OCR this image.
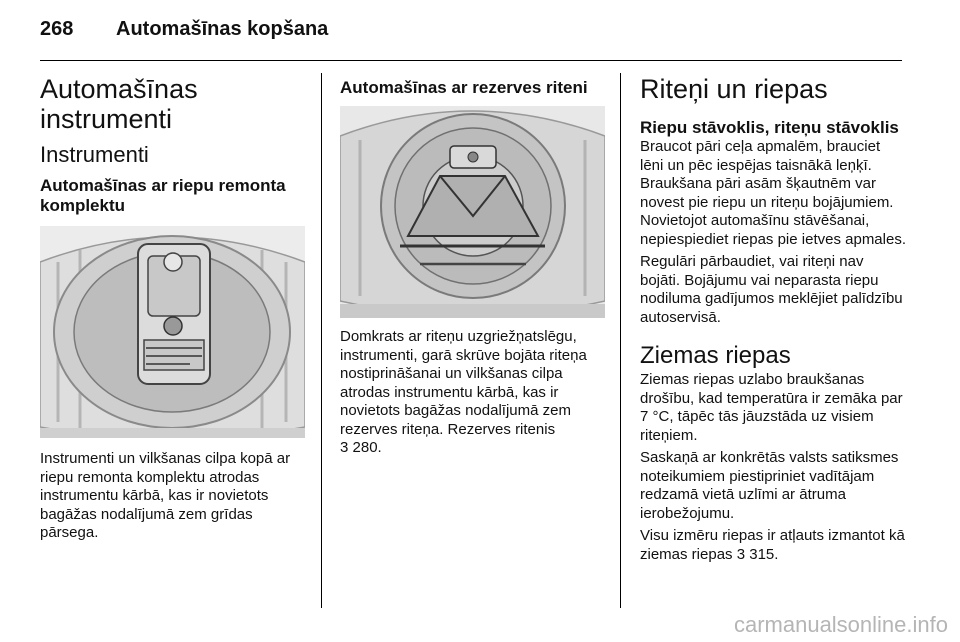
268 Automašīnas kopšana
Automašīnas instrumenti
Instrumenti
Automašīnas ar riepu remonta komplektu

Instrumenti un vilkšanas cilpa kopā ar riepu remonta komplektu atrodas instrumentu kārbā, kas ir novietots bagāžas nodalījumā zem grīdas pārsega.

Automašīnas ar rezerves riteni

Domkrats ar riteņu uzgriežņatslēgu, instrumenti, garā skrūve bojāta riteņa nostiprināšanai un vilkšanas cilpa atrodas instrumentu kārbā, kas ir novietots bagāžas nodalījumā zem rezerves riteņa. Rezerves ritenis
3 280.

Riteņi un riepas
Riepu stāvoklis, riteņu stāvoklis

Braucot pāri ceļa apmalēm, brauciet lēni un pēc iespējas taisnākā leņķī. Braukšana pāri asām šķautnēm var novest pie riepu un riteņu bojājumiem. Novietojot automašīnu stāvēšanai, nepiespiediet riepas pie ietves apmales.

Regulāri pārbaudiet, vai riteņi nav bojāti. Bojājumu vai neparasta riepu nodiluma gadījumos meklējiet palīdzību autoservisā.

Ziemas riepas

Ziemas riepas uzlabo braukšanas drošību, kad temperatūra ir zemāka par 7 °C, tāpēc tās jāuzstāda uz visiem riteņiem.

Saskaņā ar konkrētās valsts satiksmes noteikumiem piestipriniet vadītājam redzamā vietā uzlīmi ar ātruma ierobežojumu.

Visu izmēru riepas ir atļauts izmantot kā ziemas riepas 3 315.

carmanualsonline.info
